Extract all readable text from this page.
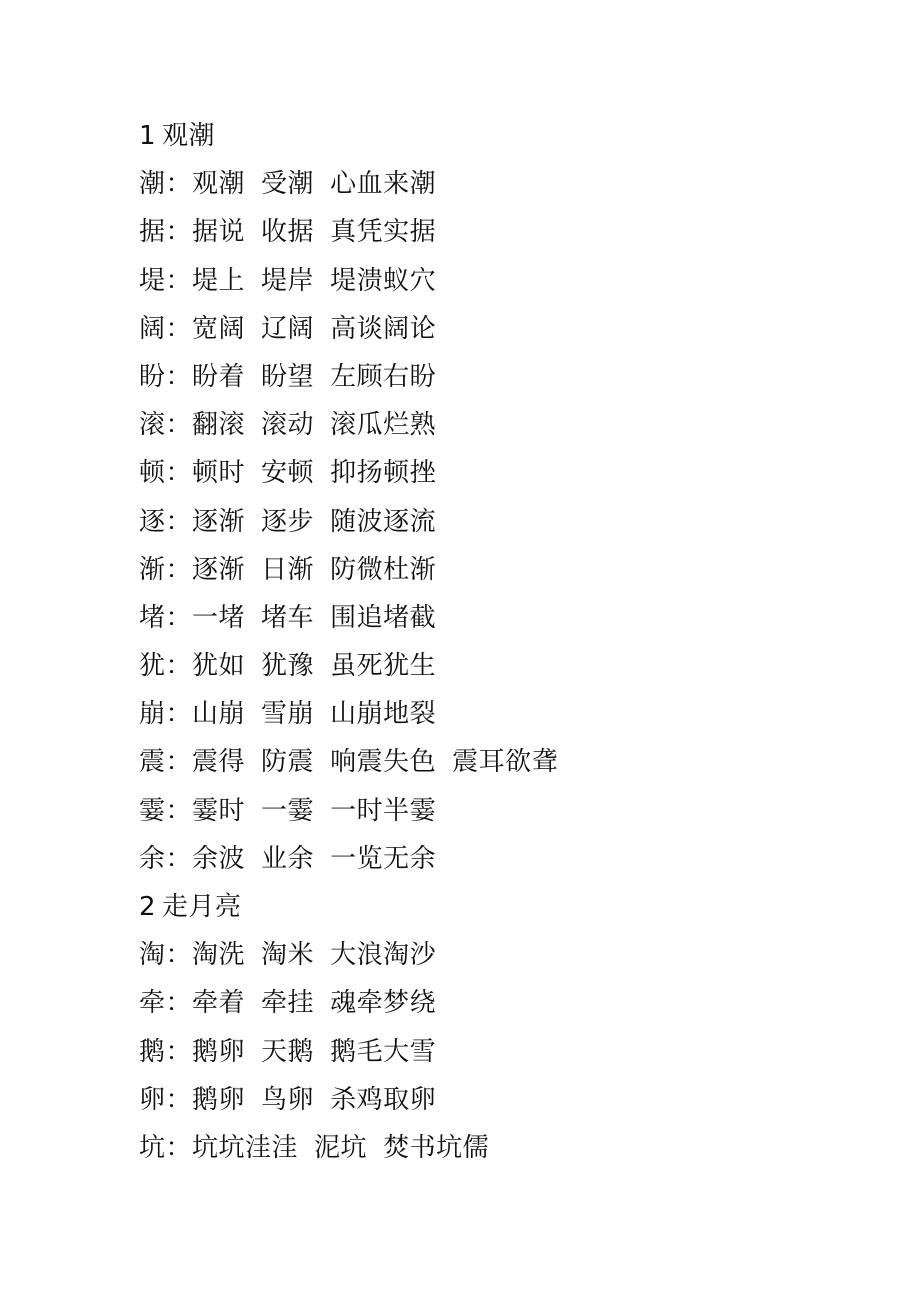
1 观潮
潮：观潮 受潮 心血来潮
据：据说 收据 真凭实据
堤：堤上 堤岸 堤溃蚁穴
阔：宽阔 辽阔 高谈阔论
盼：盼着 盼望 左顾右盼
滚：翻滚 滚动 滚瓜烂熟
顿：顿时 安顿 抑扬顿挫
逐：逐渐 逐步 随波逐流
渐：逐渐 日渐 防微杜渐
堵：一堵 堵车 围追堵截
犹：犹如 犹豫 虽死犹生
崩：山崩 雪崩 山崩地裂
震：震得 防震 响震失色 震耳欲聋
霎：霎时 一霎 一时半霎
余：余波 业余 一览无余
2 走月亮
淘：淘洗 淘米 大浪淘沙
牵：牵着 牵挂 魂牵梦绕
鹅：鹅卵 天鹅 鹅毛大雪
卵：鹅卵 鸟卵 杀鸡取卵
坑：坑坑洼洼 泥坑 焚书坑儒
